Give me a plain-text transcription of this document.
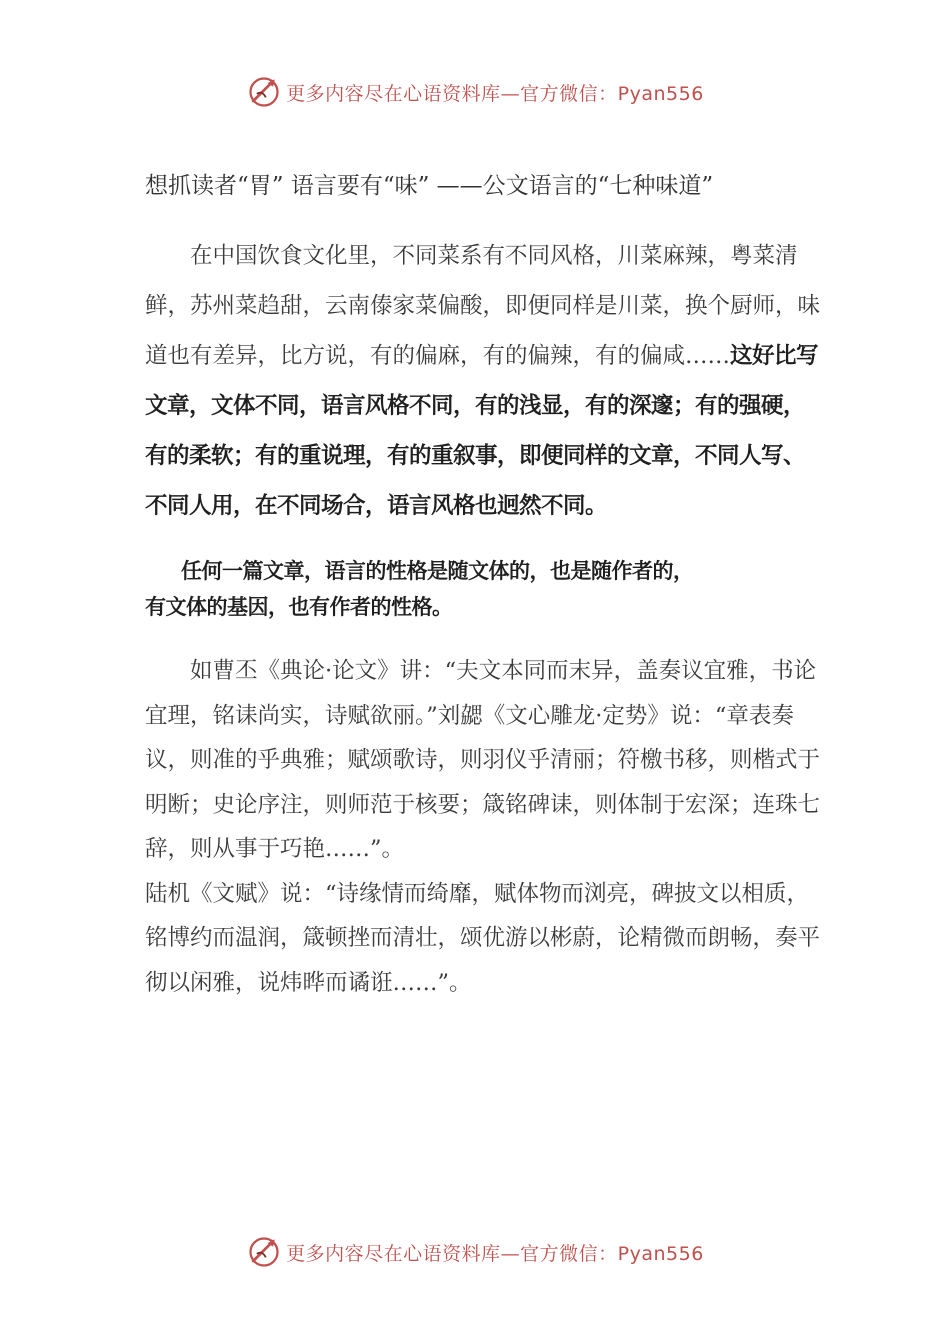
更多内容尽在心语资料库—官方微信：Pyan556

想抓读者“胃” 语言要有“味” ——公文语言的“七种味道”

在中国饮食文化里，不同菜系有不同风格，川菜麻辣，粤菜清鲜，苏州菜趋甜，云南傣家菜偏酸，即便同样是川菜，换个厨师，味道也有差异，比方说，有的偏麻，有的偏辣，有的偏咸……这好比写文章，文体不同，语言风格不同，有的浅显，有的深邃；有的强硬，有的柔软；有的重说理，有的重叙事，即便同样的文章，不同人写、不同人用，在不同场合，语言风格也迥然不同。

任何一篇文章，语言的性格是随文体的，也是随作者的，
有文体的基因，也有作者的性格。

如曹丕《典论·论文》讲：“夫文本同而末异，盖奏议宜雅，书论宜理，铭诔尚实，诗赋欲丽。”刘勰《文心雕龙·定势》说：“章表奏议，则准的乎典雅；赋颂歌诗，则羽仪乎清丽；符檄书移，则楷式于明断；史论序注，则师范于核要；箴铭碑诔，则体制于宏深；连珠七辞，则从事于巧艳……”。

陆机《文赋》说：“诗缘情而绮靡，赋体物而浏亮，碑披文以相质，铭博约而温润，箴顿挫而清壮，颂优游以彬蔚，论精微而朗畅，奏平彻以闲雅，说炜晔而谲诳……”。

更多内容尽在心语资料库—官方微信：Pyan556
